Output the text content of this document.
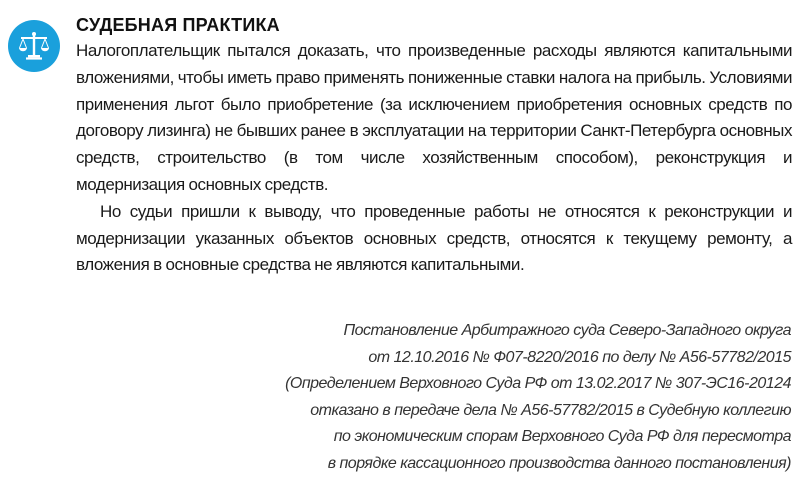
СУДЕБНАЯ ПРАКТИКА

Налогоплательщик пытался доказать, что произведенные расходы являются капитальными вложениями, чтобы иметь право применять пониженные ставки налога на прибыль. Условиями применения льгот было приобретение (за исключением приобретения основных средств по договору лизинга) не бывших ранее в эксплуатации на территории Санкт-Петербурга основных средств, строительство (в том числе хозяйственным способом), реконструкция и модернизация основных средств.

Но судьи пришли к выводу, что проведенные работы не относятся к реконструкции и модернизации указанных объектов основных средств, относятся к текущему ремонту, а вложения в основные средства не являются капитальными.

Постановление Арбитражного суда Северо-Западного округа
от 12.10.2016 № Ф07-8220/2016 по делу № А56-57782/2015
(Определением Верховного Суда РФ от 13.02.2017 № 307-ЭС16-20124
отказано в передаче дела № А56-57782/2015 в Судебную коллегию
по экономическим спорам Верховного Суда РФ для пересмотра
в порядке кассационного производства данного постановления)
